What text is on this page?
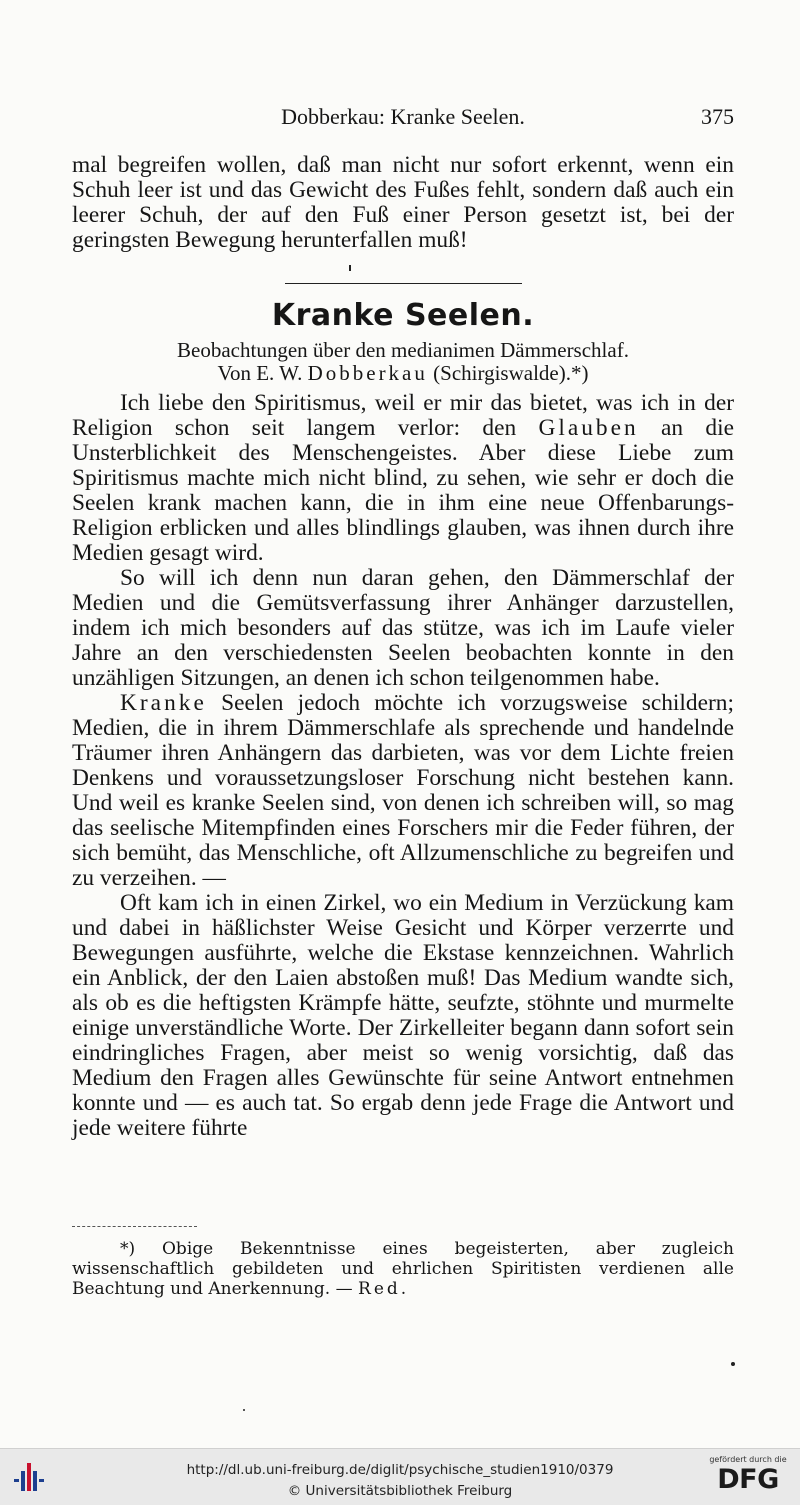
Dobberkau: Kranke Seelen.	375

mal begreifen wollen, daß man nicht nur sofort erkennt, wenn ein Schuh leer ist und das Gewicht des Fußes fehlt, sondern daß auch ein leerer Schuh, der auf den Fuß einer Person gesetzt ist, bei der geringsten Bewegung herunterfallen muß!

Kranke Seelen.
Beobachtungen über den medianimen Dämmerschlaf.
Von E. W. Dobberkau (Schirgiswalde).*)

Ich liebe den Spiritismus, weil er mir das bietet, was ich in der Religion schon seit langem verlor: den Glauben an die Unsterblichkeit des Menschengeistes. Aber diese Liebe zum Spiritismus machte mich nicht blind, zu sehen, wie sehr er doch die Seelen krank machen kann, die in ihm eine neue Offenbarungs-Religion erblicken und alles blindlings glauben, was ihnen durch ihre Medien gesagt wird.

So will ich denn nun daran gehen, den Dämmerschlaf der Medien und die Gemütsverfassung ihrer Anhänger darzustellen, indem ich mich besonders auf das stütze, was ich im Laufe vieler Jahre an den verschiedensten Seelen beobachten konnte in den unzähligen Sitzungen, an denen ich schon teilgenommen habe.

Kranke Seelen jedoch möchte ich vorzugsweise schildern; Medien, die in ihrem Dämmerschlafe als sprechende und handelnde Träumer ihren Anhängern das darbieten, was vor dem Lichte freien Denkens und voraussetzungsloser Forschung nicht bestehen kann. Und weil es kranke Seelen sind, von denen ich schreiben will, so mag das seelische Mitempfinden eines Forschers mir die Feder führen, der sich bemüht, das Menschliche, oft Allzumenschliche zu begreifen und zu verzeihen. —

Oft kam ich in einen Zirkel, wo ein Medium in Verzückung kam und dabei in häßlichster Weise Gesicht und Körper verzerrte und Bewegungen ausführte, welche die Ekstase kennzeichnen. Wahrlich ein Anblick, der den Laien abstoßen muß! Das Medium wandte sich, als ob es die heftigsten Krämpfe hätte, seufzte, stöhnte und murmelte einige unverständliche Worte. Der Zirkelleiter begann dann sofort sein eindringliches Fragen, aber meist so wenig vorsichtig, daß das Medium den Fragen alles Gewünschte für seine Antwort entnehmen konnte und — es auch tat. So ergab denn jede Frage die Antwort und jede weitere führte

*) Obige Bekenntnisse eines begeisterten, aber zugleich wissenschaftlich gebildeten und ehrlichen Spiritisten verdienen alle Beachtung und Anerkennung. — Red.

http://dl.ub.uni-freiburg.de/diglit/psychische_studien1910/0379
© Universitätsbibliothek Freiburg
gefördert durch die
DFG
